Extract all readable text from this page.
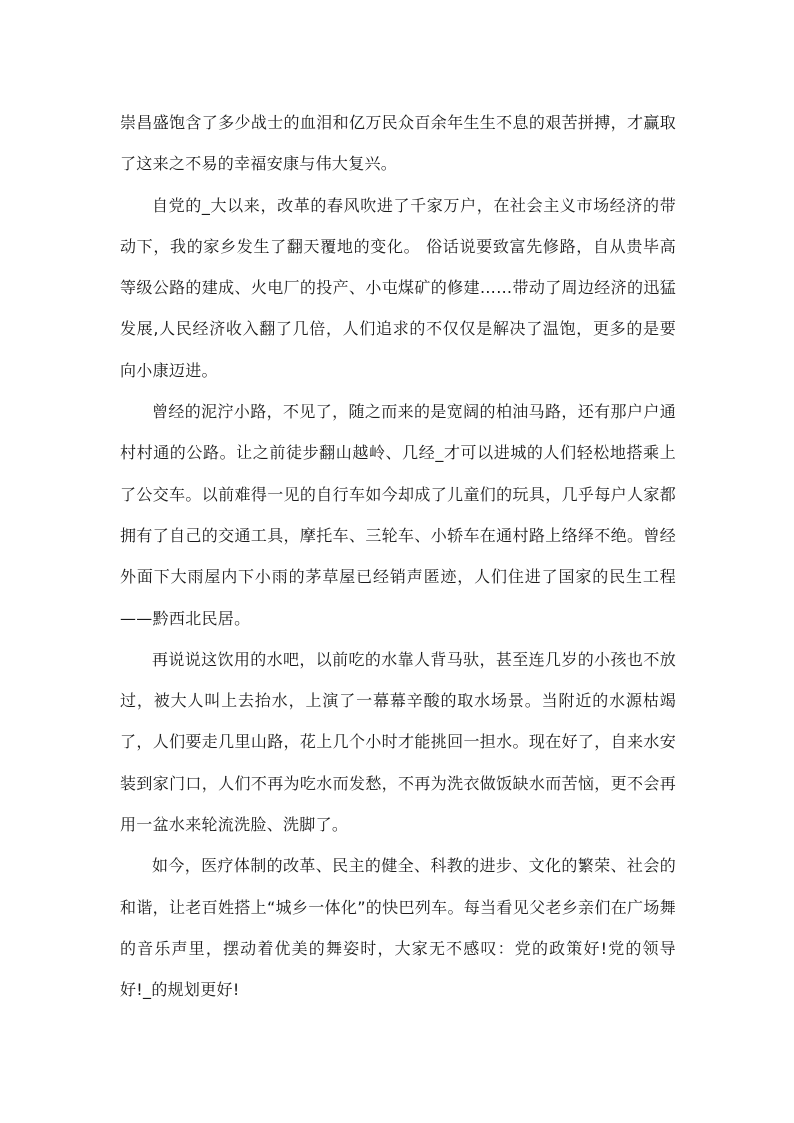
崇昌盛饱含了多少战士的血泪和亿万民众百余年生生不息的艰苦拼搏，才赢取了这来之不易的幸福安康与伟大复兴。

自党的_大以来，改革的春风吹进了千家万户，在社会主义市场经济的带动下，我的家乡发生了翻天覆地的变化。 俗话说要致富先修路，自从贵毕高等级公路的建成、火电厂的投产、小屯煤矿的修建……带动了周边经济的迅猛发展,人民经济收入翻了几倍，人们追求的不仅仅是解决了温饱，更多的是要向小康迈进。

曾经的泥泞小路，不见了，随之而来的是宽阔的柏油马路，还有那户户通村村通的公路。让之前徒步翻山越岭、几经_才可以进城的人们轻松地搭乘上了公交车。以前难得一见的自行车如今却成了儿童们的玩具，几乎每户人家都拥有了自己的交通工具，摩托车、三轮车、小轿车在通村路上络绎不绝。曾经外面下大雨屋内下小雨的茅草屋已经销声匿迹，人们住进了国家的民生工程——黔西北民居。

再说说这饮用的水吧，以前吃的水靠人背马驮，甚至连几岁的小孩也不放过，被大人叫上去抬水，上演了一幕幕辛酸的取水场景。当附近的水源枯竭了，人们要走几里山路，花上几个小时才能挑回一担水。现在好了，自来水安装到家门口，人们不再为吃水而发愁，不再为洗衣做饭缺水而苦恼，更不会再用一盆水来轮流洗脸、洗脚了。

如今，医疗体制的改革、民主的健全、科教的进步、文化的繁荣、社会的和谐，让老百姓搭上“城乡一体化”的快巴列车。每当看见父老乡亲们在广场舞的音乐声里，摆动着优美的舞姿时，大家无不感叹：党的政策好!党的领导好!_的规划更好!
